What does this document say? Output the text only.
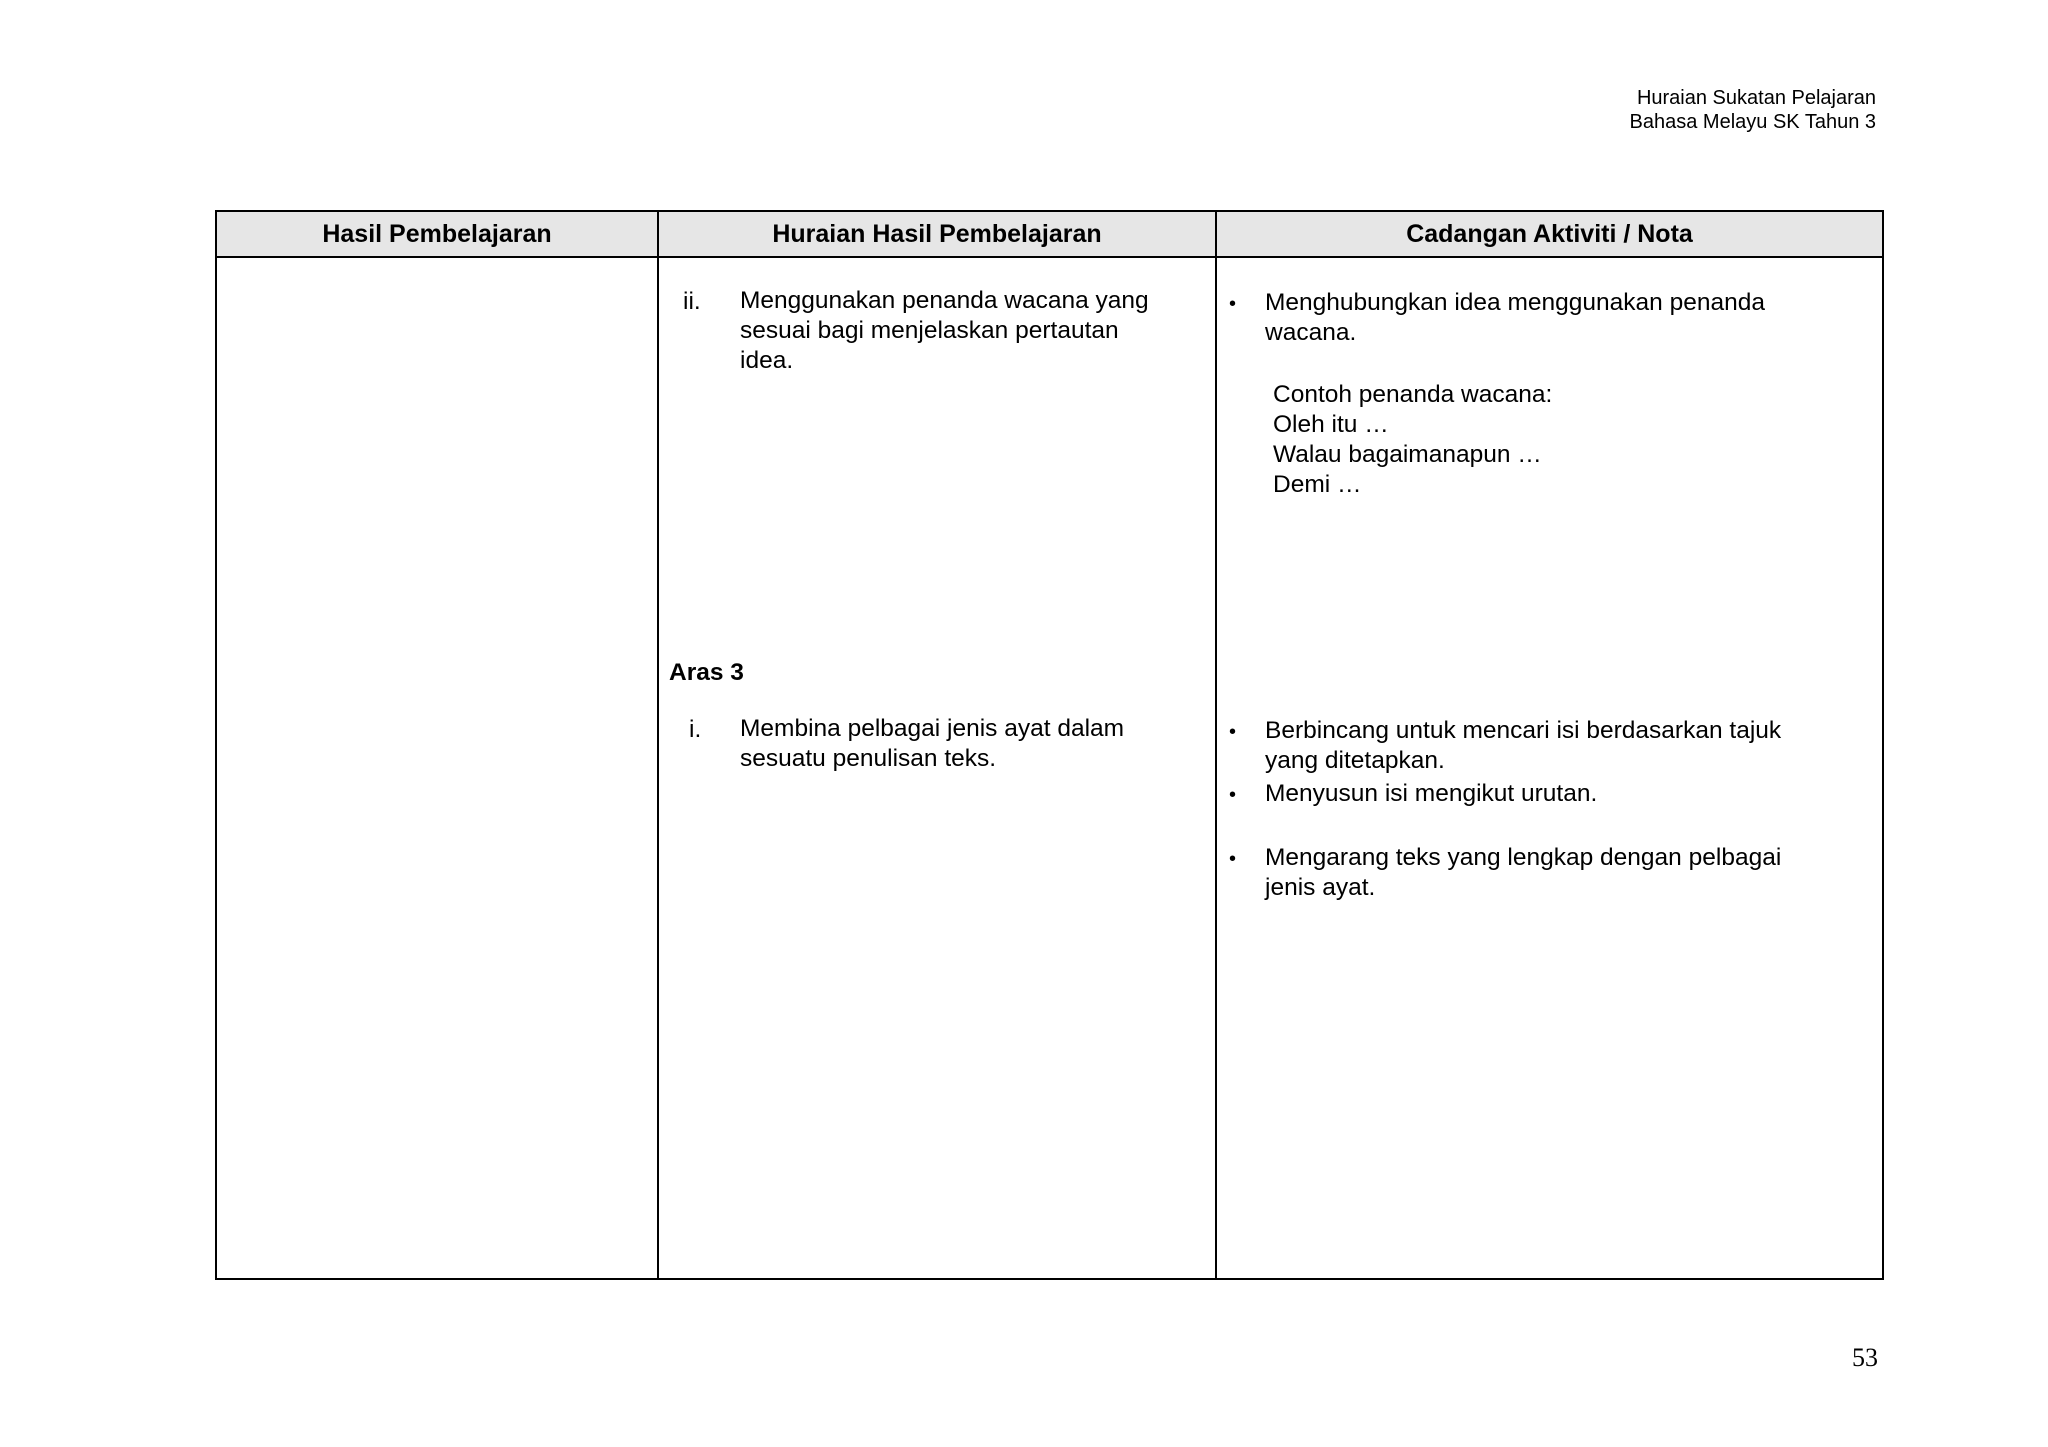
Huraian Sukatan Pelajaran
Bahasa Melayu SK Tahun 3
Hasil Pembelajaran	Huraian Hasil Pembelajaran	Cadangan Aktiviti / Nota
ii. Menggunakan penanda wacana yang
sesuai bagi menjelaskan pertautan
idea.
Aras 3
i. Membina pelbagai jenis ayat dalam
sesuatu penulisan teks.
• Menghubungkan idea menggunakan penanda
wacana.
Contoh penanda wacana:
Oleh itu …
Walau bagaimanapun …
Demi …
• Berbincang untuk mencari isi berdasarkan tajuk
yang ditetapkan.
• Menyusun isi mengikut urutan.
• Mengarang teks yang lengkap dengan pelbagai
jenis ayat.
53
